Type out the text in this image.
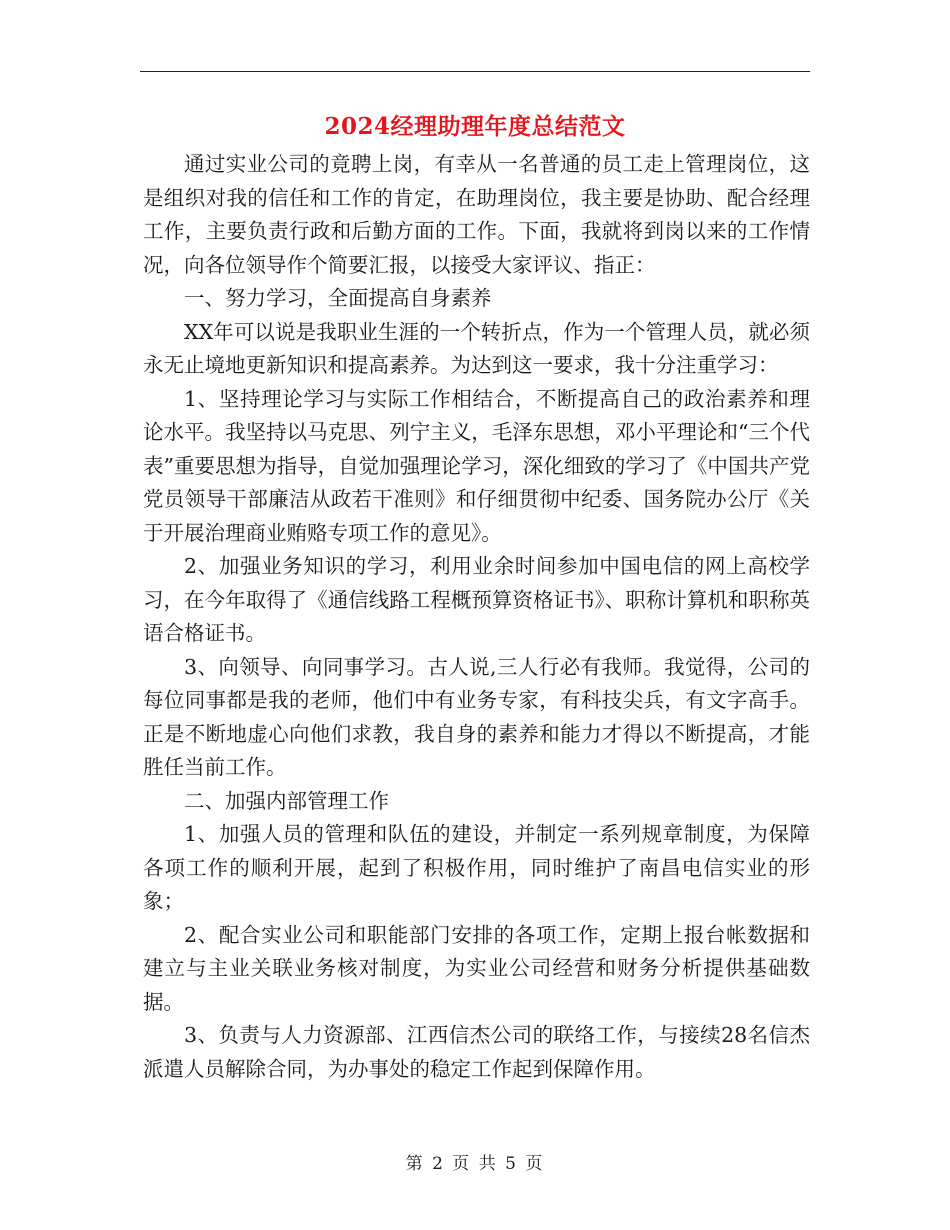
2024经理助理年度总结范文

通过实业公司的竟聘上岗，有幸从一名普通的员工走上管理岗位，这是组织对我的信任和工作的肯定，在助理岗位，我主要是协助、配合经理工作，主要负责行政和后勤方面的工作。下面，我就将到岗以来的工作情况，向各位领导作个简要汇报，以接受大家评议、指正：

一、努力学习，全面提高自身素养

XX年可以说是我职业生涯的一个转折点，作为一个管理人员，就必须永无止境地更新知识和提高素养。为达到这一要求，我十分注重学习：

1、坚持理论学习与实际工作相结合，不断提高自己的政治素养和理论水平。我坚持以马克思、列宁主义，毛泽东思想，邓小平理论和“三个代表”重要思想为指导，自觉加强理论学习，深化细致的学习了《中国共产党党员领导干部廉洁从政若干准则》和仔细贯彻中纪委、国务院办公厅《关于开展治理商业贿赂专项工作的意见》。

2、加强业务知识的学习，利用业余时间参加中国电信的网上高校学习，在今年取得了《通信线路工程概预算资格证书》、职称计算机和职称英语合格证书。

3、向领导、向同事学习。古人说,三人行必有我师。我觉得，公司的每位同事都是我的老师，他们中有业务专家，有科技尖兵，有文字高手。正是不断地虚心向他们求教，我自身的素养和能力才得以不断提高，才能胜任当前工作。

二、加强内部管理工作

1、加强人员的管理和队伍的建设，并制定一系列规章制度，为保障各项工作的顺利开展，起到了积极作用，同时维护了南昌电信实业的形象；

2、配合实业公司和职能部门安排的各项工作，定期上报台帐数据和建立与主业关联业务核对制度，为实业公司经营和财务分析提供基础数据。

3、负责与人力资源部、江西信杰公司的联络工作，与接续28名信杰派遣人员解除合同，为办事处的稳定工作起到保障作用。

第 2 页 共 5 页
